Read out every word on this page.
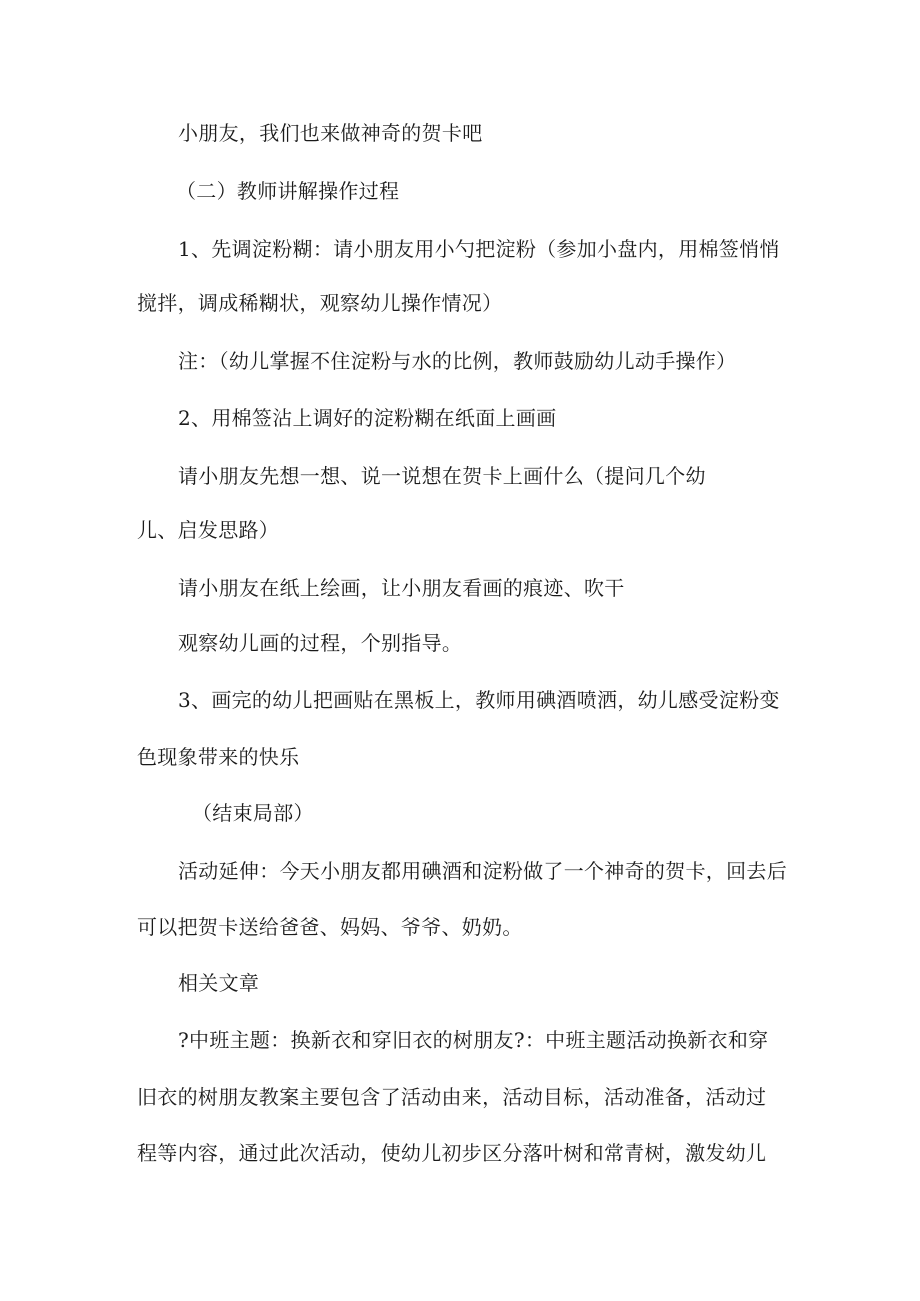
小朋友，我们也来做神奇的贺卡吧
（二）教师讲解操作过程
1、先调淀粉糊：请小朋友用小勺把淀粉（参加小盘内，用棉签悄悄
搅拌，调成稀糊状，观察幼儿操作情况）
注：（幼儿掌握不住淀粉与水的比例，教师鼓励幼儿动手操作）
2、用棉签沾上调好的淀粉糊在纸面上画画
请小朋友先想一想、说一说想在贺卡上画什么（提问几个幼
儿、启发思路）
请小朋友在纸上绘画，让小朋友看画的痕迹、吹干
观察幼儿画的过程，个别指导。
3、画完的幼儿把画贴在黑板上，教师用碘酒喷洒，幼儿感受淀粉变
色现象带来的快乐
（结束局部）
活动延伸：今天小朋友都用碘酒和淀粉做了一个神奇的贺卡，回去后
可以把贺卡送给爸爸、妈妈、爷爷、奶奶。
相关文章
?中班主题：换新衣和穿旧衣的树朋友?：中班主题活动换新衣和穿
旧衣的树朋友教案主要包含了活动由来，活动目标，活动准备，活动过
程等内容，通过此次活动，使幼儿初步区分落叶树和常青树，激发幼儿
